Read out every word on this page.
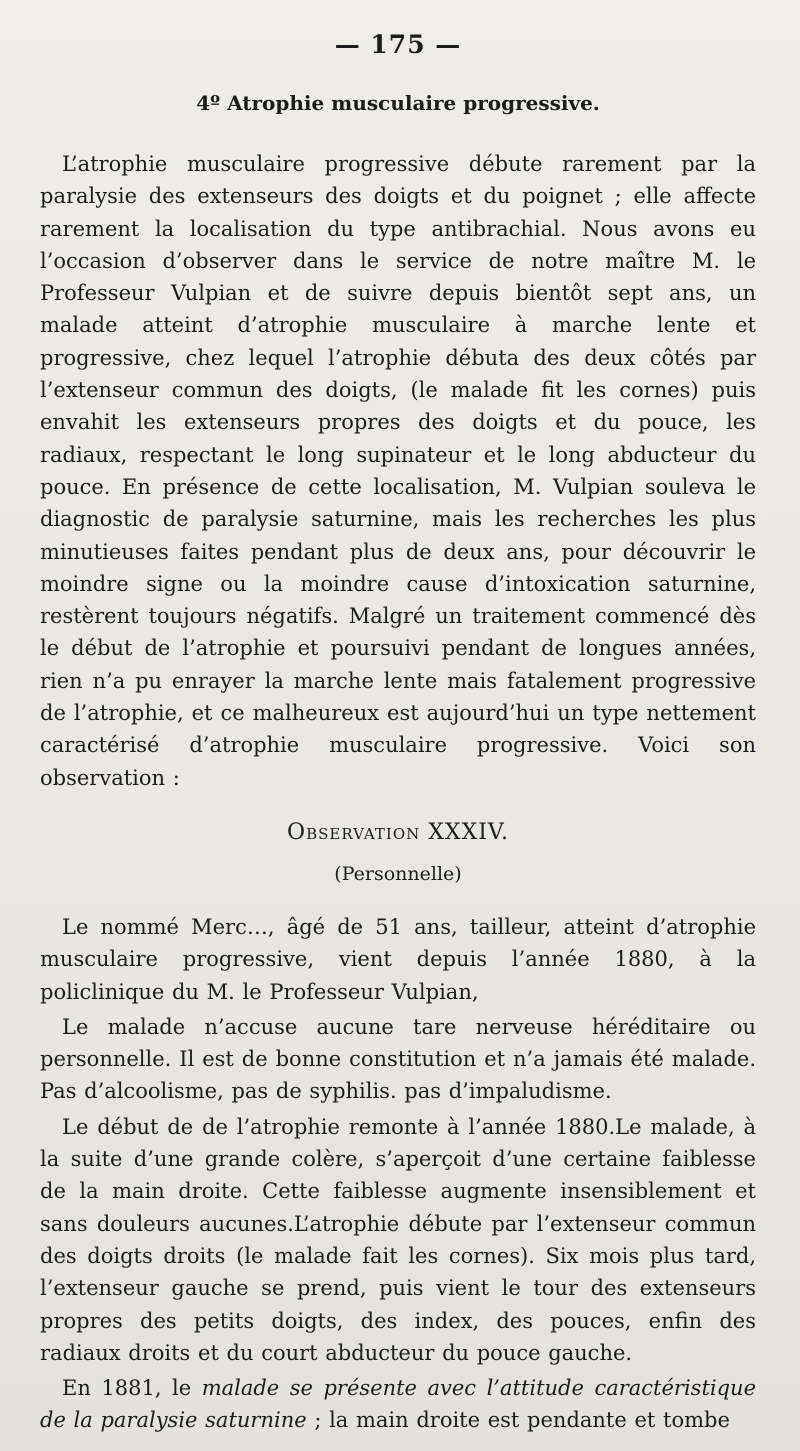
— 175 —
4º Atrophie musculaire progressive.

L’atrophie musculaire progressive débute rarement par la paralysie des extenseurs des doigts et du poignet ; elle affecte rarement la localisation du type antibrachial. Nous avons eu l’occasion d’observer dans le service de notre maître M. le Professeur Vulpian et de suivre depuis bientôt sept ans, un malade atteint d’atrophie musculaire à marche lente et progressive, chez lequel l’atrophie débuta des deux côtés par l’extenseur commun des doigts, (le malade fit les cornes) puis envahit les extenseurs propres des doigts et du pouce, les radiaux, respectant le long supinateur et le long abducteur du pouce. En présence de cette localisation, M. Vulpian souleva le diagnostic de paralysie saturnine, mais les recherches les plus minutieuses faites pendant plus de deux ans, pour découvrir le moindre signe ou la moindre cause d’intoxication saturnine, restèrent toujours négatifs. Malgré un traitement commencé dès le début de l’atrophie et poursuivi pendant de longues années, rien n’a pu enrayer la marche lente mais fatalement progressive de l’atrophie, et ce malheureux est aujourd’hui un type nettement caractérisé d’atrophie musculaire progressive. Voici son observation :

Observation XXXIV.
(Personnelle)

Le nommé Merc…, âgé de 51 ans, tailleur, atteint d’atrophie musculaire progressive, vient depuis l’année 1880, à la policlinique du M. le Professeur Vulpian,

Le malade n’accuse aucune tare nerveuse héréditaire ou personnelle. Il est de bonne constitution et n’a jamais été malade. Pas d’alcoolisme, pas de syphilis. pas d’impaludisme.

Le début de de l’atrophie remonte à l’année 1880.Le malade, à la suite d’une grande colère, s’aperçoit d’une certaine faiblesse de la main droite. Cette faiblesse augmente insensiblement et sans douleurs aucunes.L’atrophie débute par l’extenseur commun des doigts droits (le malade fait les cornes). Six mois plus tard, l’extenseur gauche se prend, puis vient le tour des extenseurs propres des petits doigts, des index, des pouces, enfin des radiaux droits et du court abducteur du pouce gauche.

En 1881, le malade se présente avec l’attitude caractéristique de la paralysie saturnine ; la main droite est pendante et tombe
